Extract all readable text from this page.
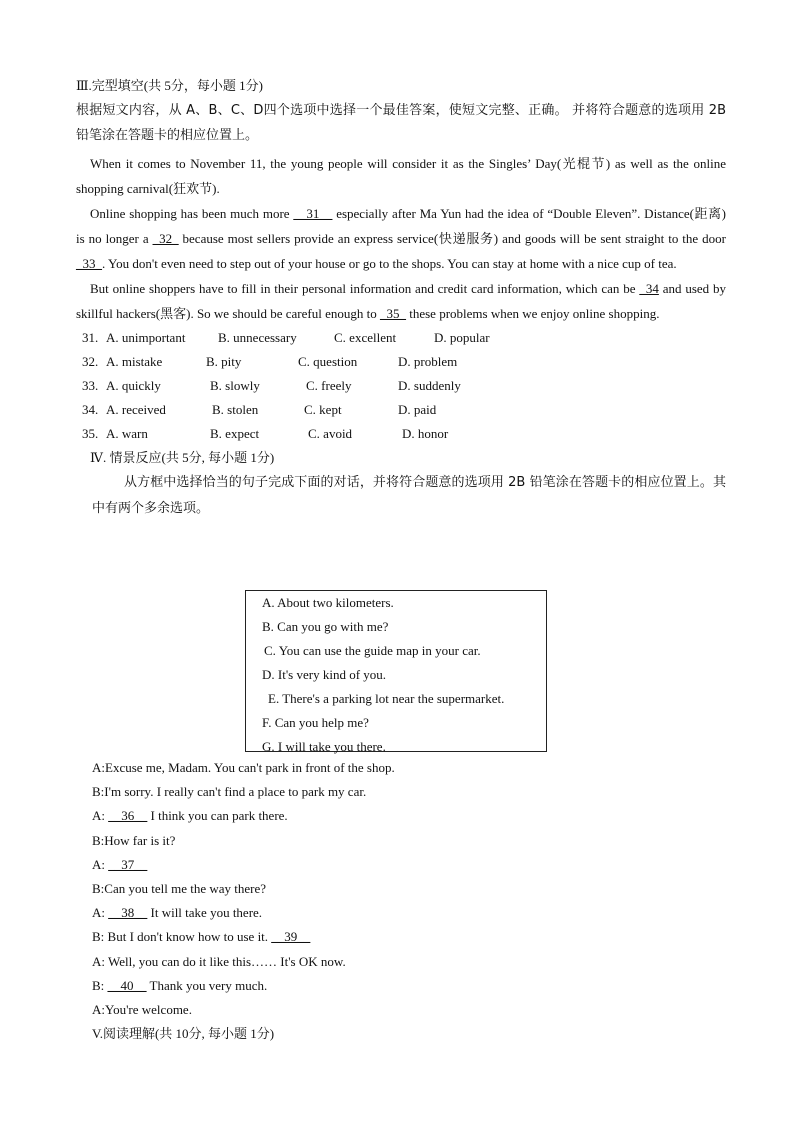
Ⅲ.完型填空(共 5分，每小题 1分)
根据短文内容，从 A、B、C、D四个选项中选择一个最佳答案，使短文完整、正确。 并将符合题意的选项用 2B 铅笔涂在答题卡的相应位置上。
When it comes to November 11, the young people will consider it as the Singles’ Day(光棍节) as well as the online shopping carnival(狂欢节).
Online shopping has been much more __31__ especially after Ma Yun had the idea of “Double Eleven”. Distance(距离) is no longer a _32_ because most sellers provide an express service(快递服务) and goods will be sent straight to the door _33_. You don't even need to step out of your house or go to the shops. You can stay at home with a nice cup of tea.
But online shoppers have to fill in their personal information and credit card information, which can be _34 and used by skillful hackers(黑客). So we should be careful enough to _35_ these problems when we enjoy online shopping.
31. A. unimportant	B. unnecessary	C. excellent	D. popular
32. A. mistake	B. pity	C. question	D. problem
33. A. quickly	B. slowly	C. freely	D. suddenly
34. A. received	B. stolen	C. kept	D. paid
35. A. warn	B. expect	C. avoid	D. honor
Ⅳ. 情景反应(共 5分, 每小题 1分)
从方框中选择恰当的句子完成下面的对话，并将符合题意的选项用 2B 铅笔涂在答题卡的相应位置上。其中有两个多余选项。
A. About two kilometers.
B. Can you go with me?
C. You can use the guide map in your car.
D. It's very kind of you.
E. There's a parking lot near the supermarket.
F. Can you help me?
G. I will take you there.
A:Excuse me, Madam. You can't park in front of the shop.
B:I'm sorry. I really can't find a place to park my car.
A: __36__ I think you can park there.
B:How far is it?
A: __37__
B:Can you tell me the way there?
A: __38__ It will take you there.
B: But I don't know how to use it. __39__
A: Well, you can do it like this…… It's OK now.
B: __40__ Thank you very much.
A:You're welcome.
V.阅读理解(共 10分, 每小题 1分)
